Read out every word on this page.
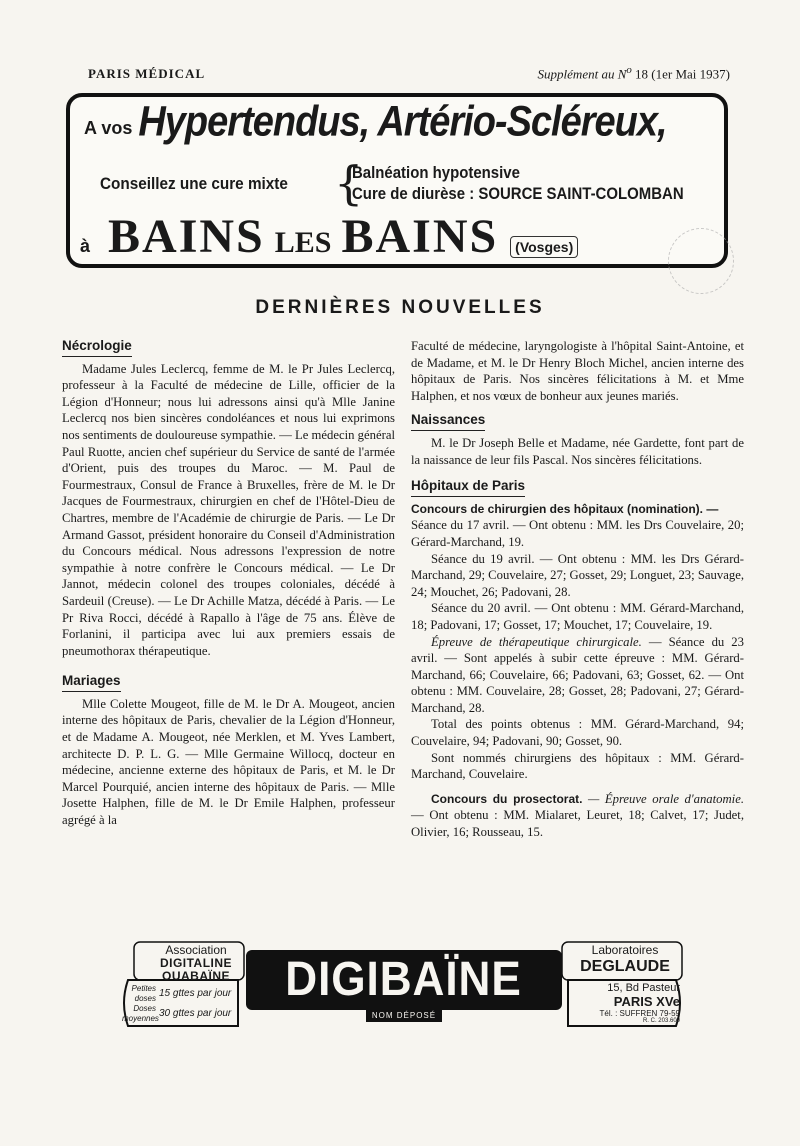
PARIS MÉDICAL	Supplément au $N^o$ 18 (1er Mai 1937)
A vos Hypertendus, Artério-Scléreux,
Conseillez une cure mixte {
Balnéation hypotensive
Cure de diurèse : SOURCE SAINT-COLOMBAN
à BAINS LES BAINS	(Vosges)
DERNIÈRES NOUVELLES
Nécrologie

Madame Jules Leclercq, femme de M. le Pr Jules Leclercq, professeur à la Faculté de médecine de Lille, officier de la Légion d'Honneur; nous lui adressons ainsi qu'à Mlle Janine Leclercq nos bien sincères condoléances et nous lui exprimons nos sentiments de douloureuse sympathie. — Le médecin général Paul Ruotte, ancien chef supérieur du Service de santé de l'armée d'Orient, puis des troupes du Maroc. — M. Paul de Fourmestraux, Consul de France à Bruxelles, frère de M. le Dr Jacques de Fourmestraux, chirurgien en chef de l'Hôtel-Dieu de Chartres, membre de l'Académie de chirurgie de Paris. — Le Dr Armand Gassot, président honoraire du Conseil d'Administration du Concours médical. Nous adressons l'expression de notre sympathie à notre confrère le Concours médical. — Le Dr Jannot, médecin colonel des troupes coloniales, décédé à Sardeuil (Creuse). — Le Dr Achille Matza, décédé à Paris. — Le Pr Riva Rocci, décédé à Rapallo à l'âge de 75 ans. Élève de Forlanini, il participa avec lui aux premiers essais de pneumothorax thérapeutique.

Mariages

Mlle Colette Mougeot, fille de M. le Dr A. Mougeot, ancien interne des hôpitaux de Paris, chevalier de la Légion d'Honneur, et de Madame A. Mougeot, née Merklen, et M. Yves Lambert, architecte D. P. L. G. — Mlle Germaine Willocq, docteur en médecine, ancienne externe des hôpitaux de Paris, et M. le Dr Marcel Pourquié, ancien interne des hôpitaux de Paris. — Mlle Josette Halphen, fille de M. le Dr Emile Halphen, professeur agrégé à la

Faculté de médecine, laryngologiste à l'hôpital Saint-Antoine, et de Madame, et M. le Dr Henry Bloch Michel, ancien interne des hôpitaux de Paris. Nos sincères félicitations à M. et Mme Halphen, et nos vœux de bonheur aux jeunes mariés.

Naissances

M. le Dr Joseph Belle et Madame, née Gardette, font part de la naissance de leur fils Pascal. Nos sincères félicitations.

Hôpitaux de Paris

Concours de chirurgien des hôpitaux (nomination). —

Séance du 17 avril. — Ont obtenu : MM. les Drs Couvelaire, 20; Gérard-Marchand, 19.

Séance du 19 avril. — Ont obtenu : MM. les Drs Gérard-Marchand, 29; Couvelaire, 27; Gosset, 29; Longuet, 23; Sauvage, 24; Mouchet, 26; Padovani, 28.

Séance du 20 avril. — Ont obtenu : MM. Gérard-Marchand, 18; Padovani, 17; Gosset, 17; Mouchet, 17; Couvelaire, 19.

Épreuve de thérapeutique chirurgicale. — Séance du 23 avril. — Sont appelés à subir cette épreuve : MM. Gérard-Marchand, 66; Couvelaire, 66; Padovani, 63; Gosset, 62. — Ont obtenu : MM. Couvelaire, 28; Gosset, 28; Padovani, 27; Gérard-Marchand, 28.

Total des points obtenus : MM. Gérard-Marchand, 94; Couvelaire, 94; Padovani, 90; Gosset, 90.

Sont nommés chirurgiens des hôpitaux : MM. Gérard-Marchand, Couvelaire.

Concours du prosectorat. — Épreuve orale d'anatomie. — Ont obtenu : MM. Mialaret, Leuret, 18; Calvet, 17; Judet, Olivier, 16; Rousseau, 15.

Association
DIGITALINE
OUABAÏNE
Petites doses 15 gttes par jour
Doses moyennes 30 gttes par jour
DIGIBAÏNE
NOM DÉPOSÉ
Laboratoires
DEGLAUDE
15, Bd Pasteur
PARIS XVe
Tél. : SUFFREN 79-59
R. C. 203.600
